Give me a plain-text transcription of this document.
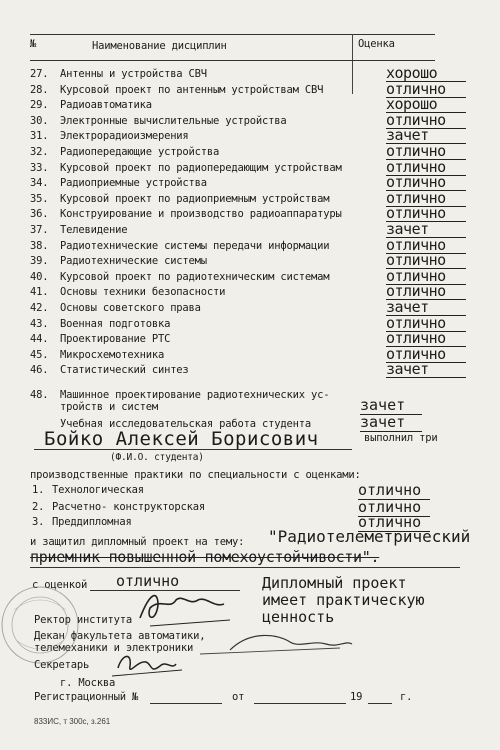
№	Наименование дисциплин	Оценка
27.	Антенны и устройства СВЧ	хорошо
28.	Курсовой проект по антенным устройствам СВЧ	отлично
29.	Радиоавтоматика	хорошо
30.	Электронные вычислительные устройства	отлично
31.	Электрорадиоизмерения	зачет
32.	Радиопередающие устройства	отлично
33.	Курсовой проект по радиопередающим устройствам	отлично
34.	Радиоприемные устройства	отлично
35.	Курсовой проект по радиоприемным устройствам	отлично
36.	Конструирование и производство радиоаппаратуры	отлично
37.	Телевидение	зачет
38.	Радиотехнические системы передачи информации	отлично
39.	Радиотехнические системы	отлично
40.	Курсовой проект по радиотехническим системам	отлично
41.	Основы техники безопасности	отлично
42.	Основы советского права	зачет
43.	Военная подготовка	отлично
44.	Проектирование РТС	отлично
45.	Микросхемотехника	отлично
46.	Статистический синтез	зачет
48. Машинное проектирование радиотехнических ус-
тройств и систем	зачет
Учебная исследовательская работа студента	зачет
Бойко Алексей Борисович	выполнил три
(Ф.И.О. студента)
производственные практики по специальности с оценками:
1. Технологическая	отлично
2. Расчетно- конструкторская	отлично
3. Преддипломная	отлично
и защитил дипломный проект на тему: "Радиотелеметрический
приемник повышенной помехоустойчивости".
с оценкой отлично	Дипломный проект
имеет практическую
ценность
Ректор института
Декан факультета автоматики,
телемеханики и электроники
Секретарь
г. Москва
Регистрационный №	от	19	г.
833ИС, т 300с, з.261
